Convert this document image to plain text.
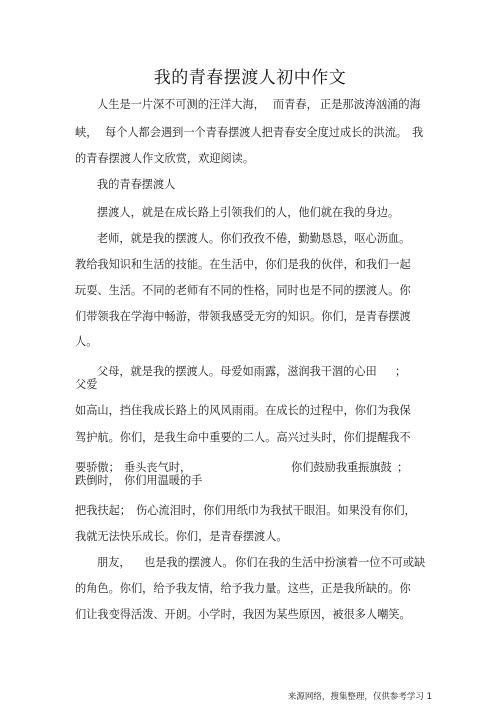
我的青春摆渡人初中作文
人生是一片深不可测的汪洋大海， 而青春， 正是那波涛汹涌的海
峡， 每个人都会遇到一个青春摆渡人把青春安全度过成长的洪流。 我
的青春摆渡人作文欣赏，欢迎阅读。
我的青春摆渡人
摆渡人，就是在成长路上引领我们的人，他们就在我的身边。
老师，就是我的摆渡人。你们孜孜不倦，勤勤恳恳，呕心沥血。
教给我知识和生活的技能。在生活中，你们是我的伙伴，和我们一起
玩耍、生活。不同的老师有不同的性格，同时也是不同的摆渡人。你
们带领我在学海中畅游，带领我感受无穷的知识。你们，是青春摆渡
人。
父母，就是我的摆渡人。母爱如雨露，滋润我干涸的心田 ；
父爱
如高山，挡住我成长路上的风风雨雨。在成长的过程中，你们为我保
驾护航。你们，是我生命中重要的二人。高兴过头时，你们提醒我不
要骄傲； 垂头丧气时，	你们鼓励我重振旗鼓 ；
跌倒时， 你们用温暖的手
把我扶起； 伤心流泪时，你们用纸巾为我拭干眼泪。如果没有你们，
我就无法快乐成长。你们，是青春摆渡人。
朋友， 也是我的摆渡人。 你们在我的生活中扮演着一位不可或缺
的角色。你们，给予我友情，给予我力量。这些，正是我所缺的。你
们让我变得活泼、开朗。小学时，我因为某些原因，被很多人嘲笑。
来源网络，搜集整理，仅供参考学习 1
